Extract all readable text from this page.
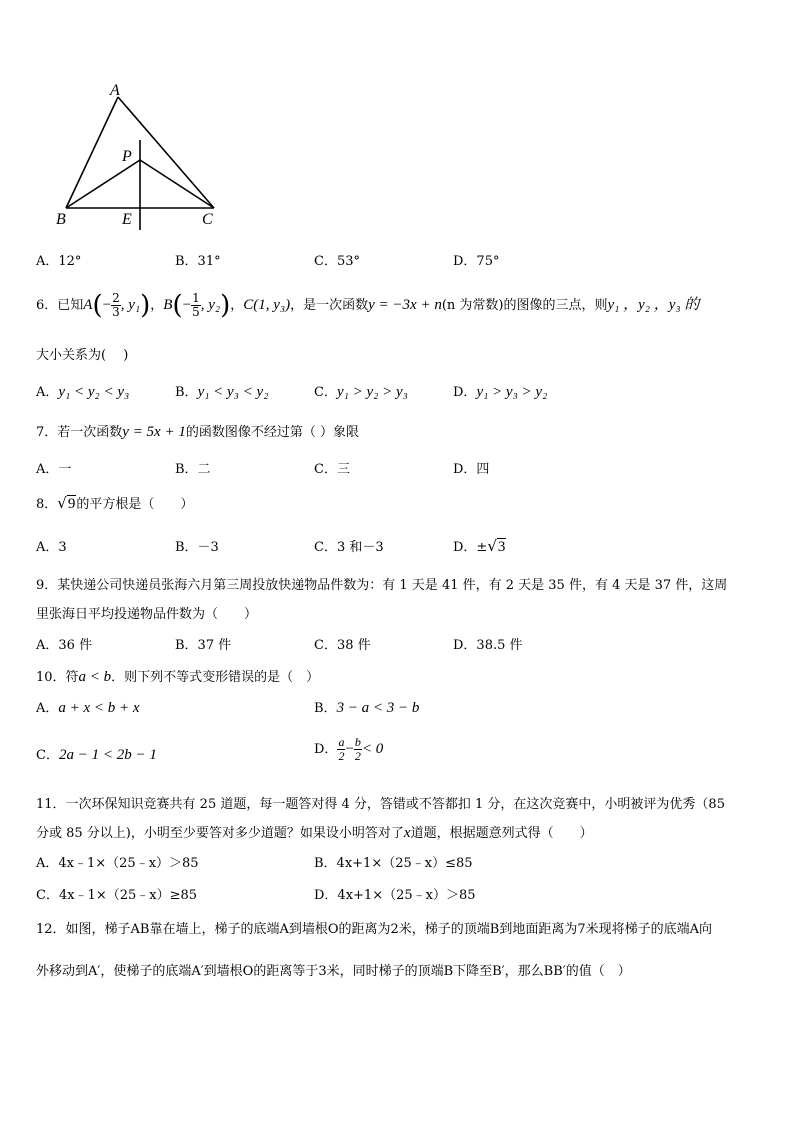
A
P
B	E	C
A．12°	B．31°	C．53°	D．75°
6．已知$A(- \frac{2}{3}$ , y₁)，$B(- \frac{1}{5}$ , y₂)，C(1, y₃)，是一次函数y = −3x + n(n 为常数)的图像的三点，则y₁ ，y₂ ，y₃ 的
大小关系为(　 )
A．y₁ < y₂ < y₃	B．y₁ < y₃ < y₂	C．y₁ > y₂ > y₃	D．y₁ > y₃ > y₂
7．若一次函数y = 5x + 1的函数图像不经过第（ ）象限
A．一	B．二	C．三	D．四
8．√9的平方根是（　　）
A．3	B．－3	C．3 和－3	D．±√3
9．某快递公司快递员张海六月第三周投放快递物品件数为：有 1 天是 41 件，有 2 天是 35 件，有 4 天是 37 件，这周
里张海日平均投递物品件数为（　　）
A．36 件	B．37 件	C．38 件	D．38.5 件
10．符a < b．则下列不等式变形错误的是（　）
A．a + x < b + x	B．3 − a < 3 − b
C．2a − 1 < 2b − 1	D． $\frac{a}{2} - \frac{b}{2} < 0$
11．一次环保知识竞赛共有 25 道题，每一题答对得 4 分，答错或不答都扣 1 分，在这次竞赛中，小明被评为优秀（85
分或 85 分以上)，小明至少要答对多少道题？如果设小明答对了x道题，根据题意列式得（　　）
A．4x﹣1×（25﹣x）＞85	B．4x+1×（25﹣x）≤85
C．4x﹣1×（25﹣x）≥85	D．4x+1×（25﹣x）＞85
12．如图，梯子AB靠在墙上，梯子的底端A到墙根O的距离为2米，梯子的顶端B到地面距离为7米现将梯子的底端A向
外移动到A′，使梯子的底端A′到墙根O的距离等于3米，同时梯子的顶端B下降至B′，那么BB′的值（　）
